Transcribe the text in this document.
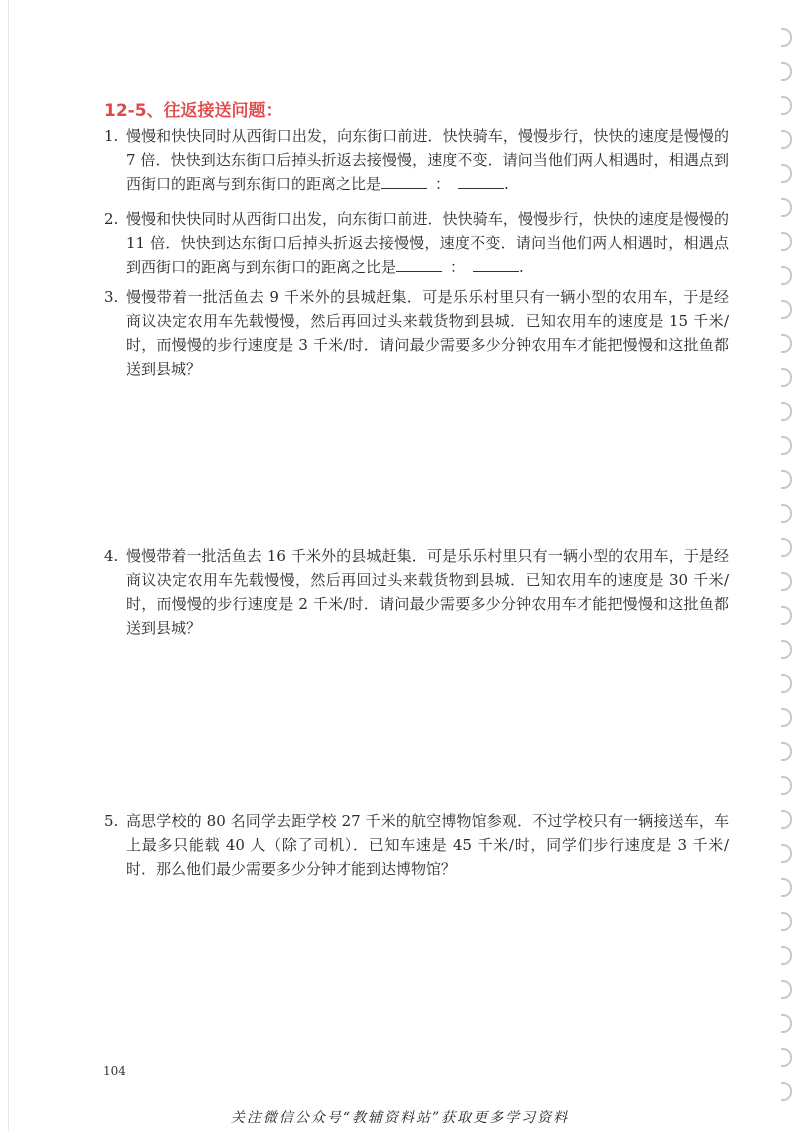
12-5、往返接送问题：
1. 慢慢和快快同时从西街口出发，向东街口前进．快快骑车，慢慢步行，快快的速度是慢慢的 7 倍．快快到达东街口后掉头折返去接慢慢，速度不变．请问当他们两人相遇时，相遇点到西街口的距离与到东街口的距离之比是	：	.
2. 慢慢和快快同时从西街口出发，向东街口前进．快快骑车，慢慢步行，快快的速度是慢慢的 11 倍．快快到达东街口后掉头折返去接慢慢，速度不变．请问当他们两人相遇时，相遇点到西街口的距离与到东街口的距离之比是	：	.
3. 慢慢带着一批活鱼去 9 千米外的县城赶集．可是乐乐村里只有一辆小型的农用车，于是经商议决定农用车先载慢慢，然后再回过头来载货物到县城．已知农用车的速度是 15 千米/时，而慢慢的步行速度是 3 千米/时．请问最少需要多少分钟农用车才能把慢慢和这批鱼都送到县城？
4. 慢慢带着一批活鱼去 16 千米外的县城赶集．可是乐乐村里只有一辆小型的农用车，于是经商议决定农用车先载慢慢，然后再回过头来载货物到县城．已知农用车的速度是 30 千米/时，而慢慢的步行速度是 2 千米/时．请问最少需要多少分钟农用车才能把慢慢和这批鱼都送到县城？
5. 高思学校的 80 名同学去距学校 27 千米的航空博物馆参观．不过学校只有一辆接送车，车上最多只能载 40 人（除了司机）．已知车速是 45 千米/时，同学们步行速度是 3 千米/时．那么他们最少需要多少分钟才能到达博物馆？
104
关注微信公众号“教辅资料站”获取更多学习资料
